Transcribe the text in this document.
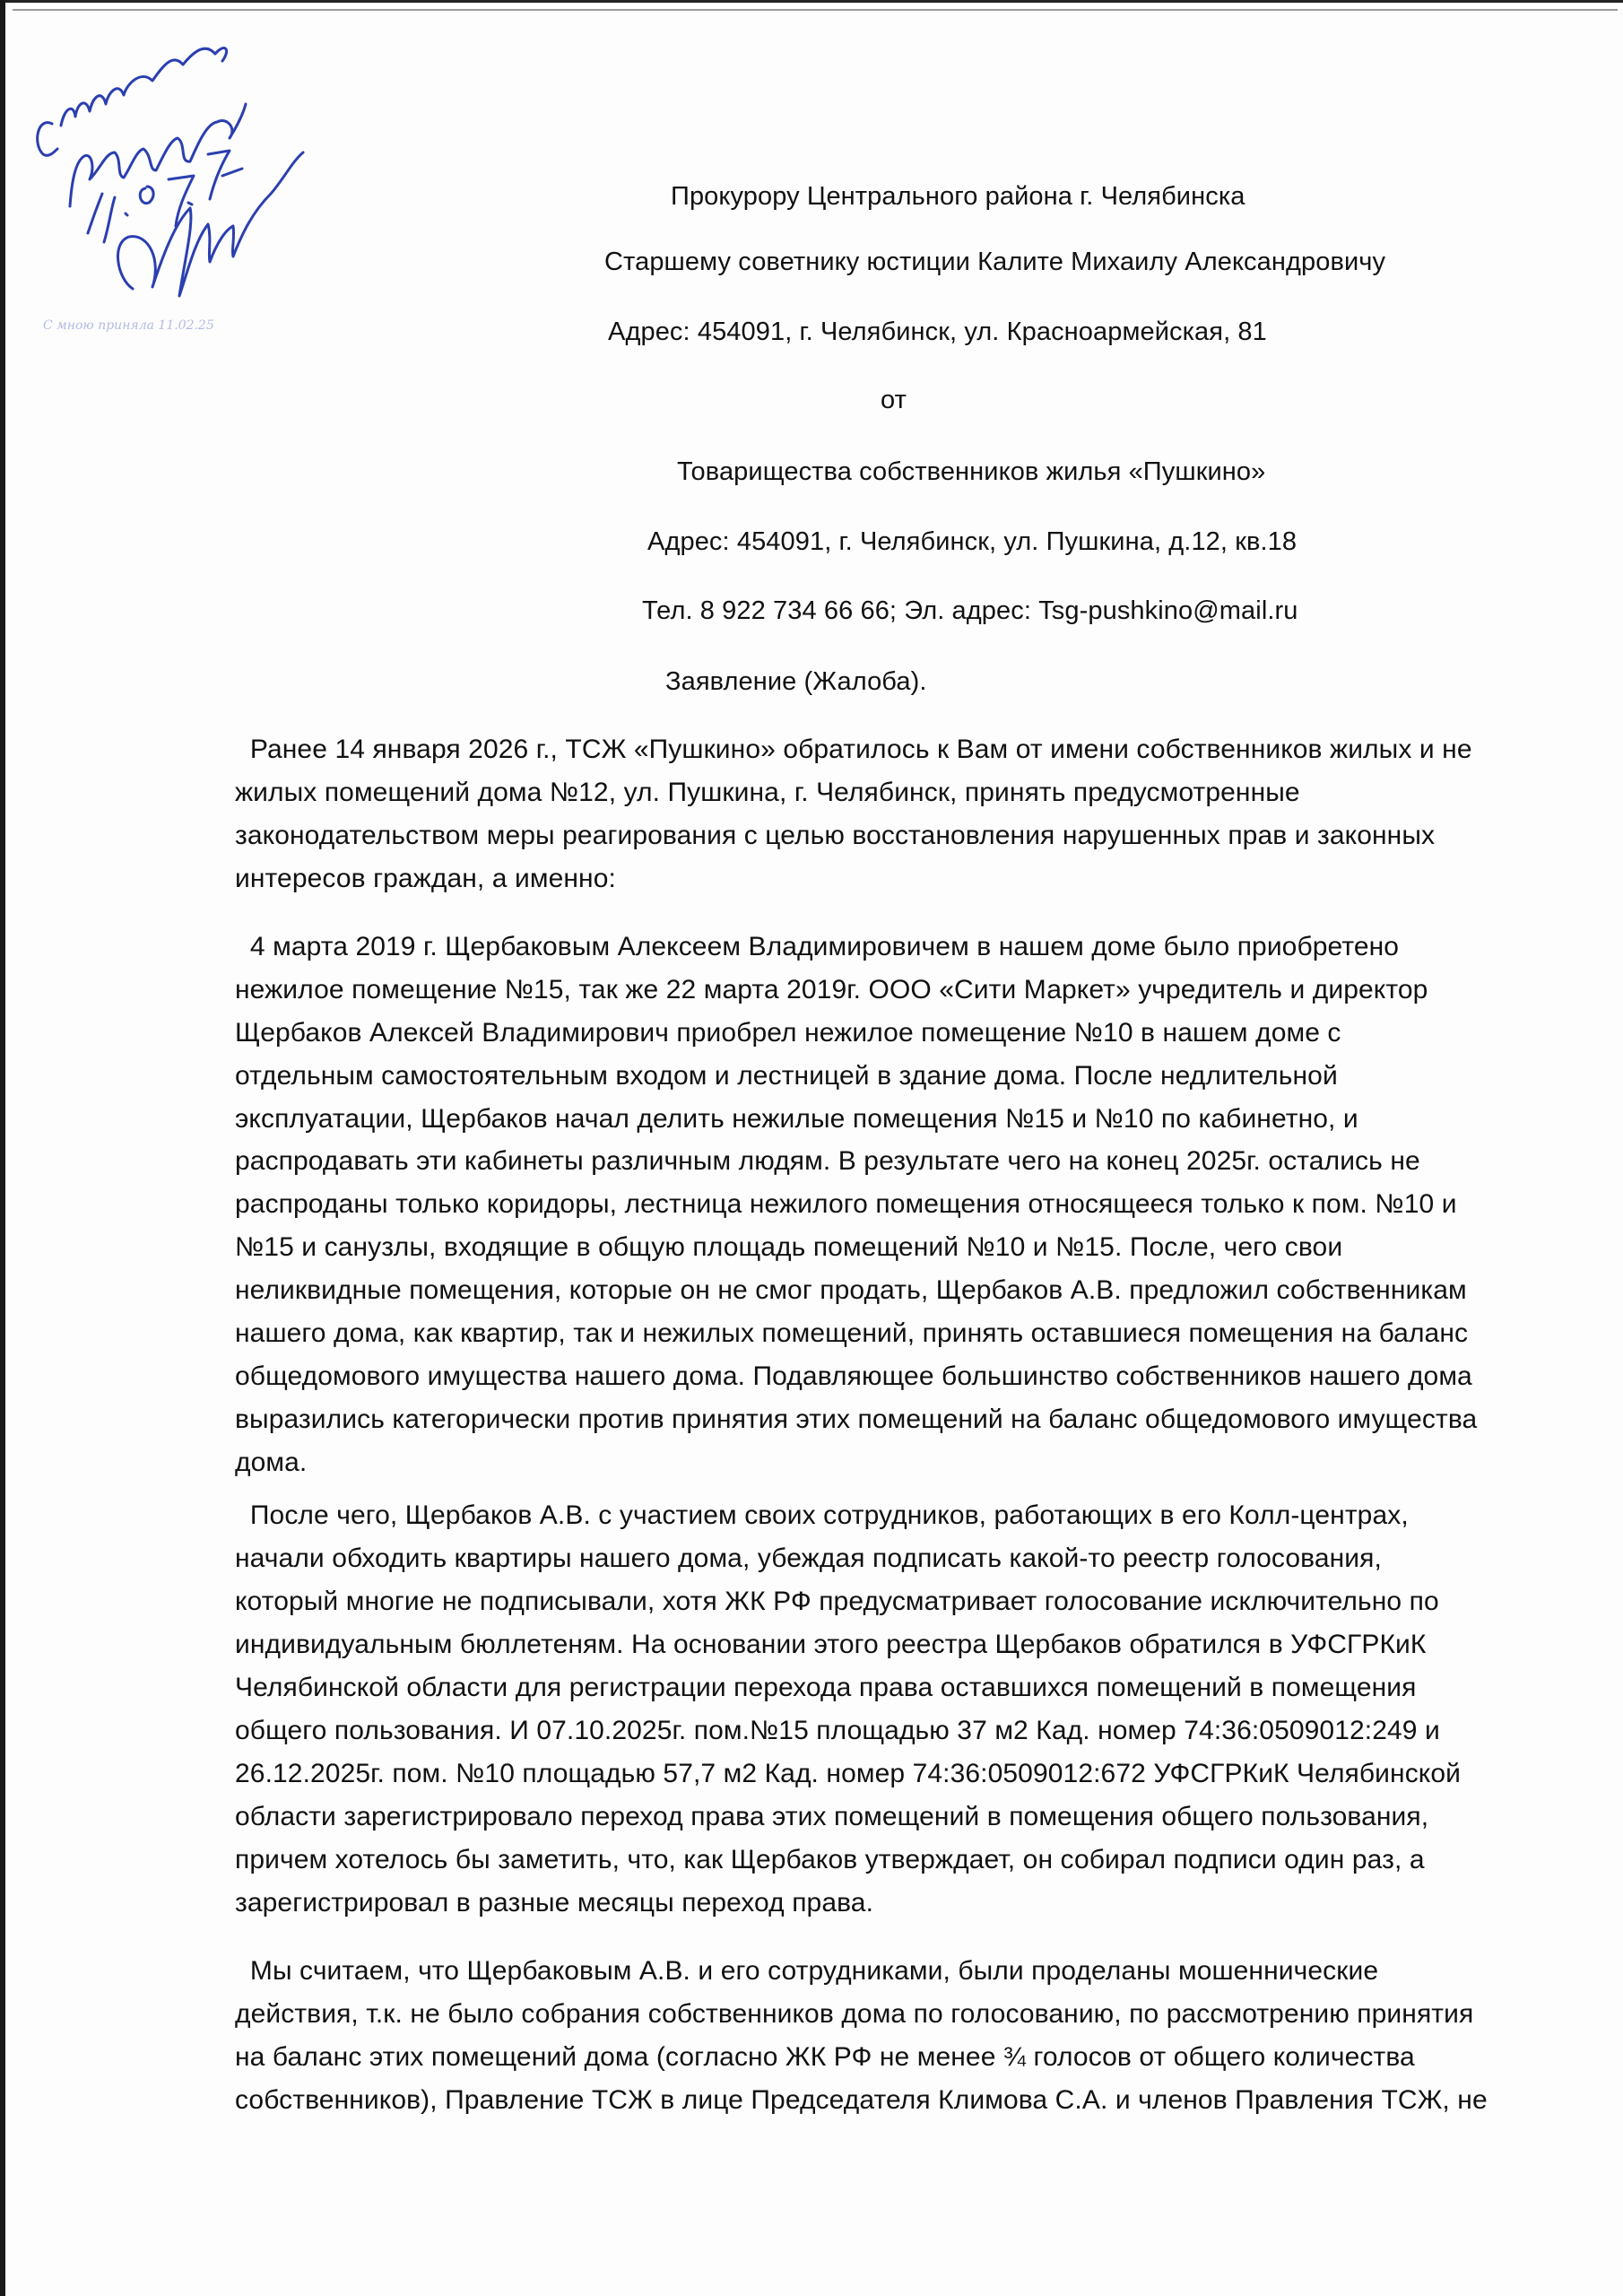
Прокурору Центрального района г. Челябинска
Старшему советнику юстиции Калите Михаилу Александровичу
Адрес: 454091, г. Челябинск, ул. Красноармейская, 81
от
Товарищества собственников жилья «Пушкино»
Адрес: 454091, г. Челябинск, ул. Пушкина, д.12, кв.18
Тел. 8 922 734 66 66; Эл. адрес: Tsg-pushkino@mail.ru
Заявление (Жалоба).
Ранее 14 января 2026 г., ТСЖ «Пушкино» обратилось к Вам от имени собственников жилых и не
жилых помещений дома №12, ул. Пушкина, г. Челябинск, принять предусмотренные
законодательством меры реагирования с целью восстановления нарушенных прав и законных
интересов граждан, а именно:
4 марта 2019 г. Щербаковым Алексеем Владимировичем в нашем доме было приобретено
нежилое помещение №15, так же 22 марта 2019г. ООО «Сити Маркет» учредитель и директор
Щербаков Алексей Владимирович приобрел нежилое помещение №10 в нашем доме с
отдельным самостоятельным входом и лестницей в здание дома. После недлительной
эксплуатации, Щербаков начал делить нежилые помещения №15 и №10 по кабинетно, и
распродавать эти кабинеты различным людям. В результате чего на конец 2025г. остались не
распроданы только коридоры, лестница нежилого помещения относящееся только к пом. №10 и
№15 и санузлы, входящие в общую площадь помещений №10 и №15. После, чего свои
неликвидные помещения, которые он не смог продать, Щербаков А.В. предложил собственникам
нашего дома, как квартир, так и нежилых помещений, принять оставшиеся помещения на баланс
общедомового имущества нашего дома. Подавляющее большинство собственников нашего дома
выразились категорически против принятия этих помещений на баланс общедомового имущества
дома.
После чего, Щербаков А.В. с участием своих сотрудников, работающих в его Колл-центрах,
начали обходить квартиры нашего дома, убеждая подписать какой-то реестр голосования,
который многие не подписывали, хотя ЖК РФ предусматривает голосование исключительно по
индивидуальным бюллетеням. На основании этого реестра Щербаков обратился в УФСГРКиК
Челябинской области для регистрации перехода права оставшихся помещений в помещения
общего пользования. И 07.10.2025г. пом.№15 площадью 37 м2 Кад. номер 74:36:0509012:249 и
26.12.2025г. пом. №10 площадью 57,7 м2 Кад. номер 74:36:0509012:672 УФСГРКиК Челябинской
области зарегистрировало переход права этих помещений в помещения общего пользования,
причем хотелось бы заметить, что, как Щербаков утверждает, он собирал подписи один раз, а
зарегистрировал в разные месяцы переход права.
Мы считаем, что Щербаковым А.В. и его сотрудниками, были проделаны мошеннические
действия, т.к. не было собрания собственников дома по голосованию, по рассмотрению принятия
на баланс этих помещений дома (согласно ЖК РФ не менее ¾ голосов от общего количества
собственников), Правление ТСЖ в лице Председателя Климова С.А. и членов Правления ТСЖ, не
С мною приняла 11.02.25
